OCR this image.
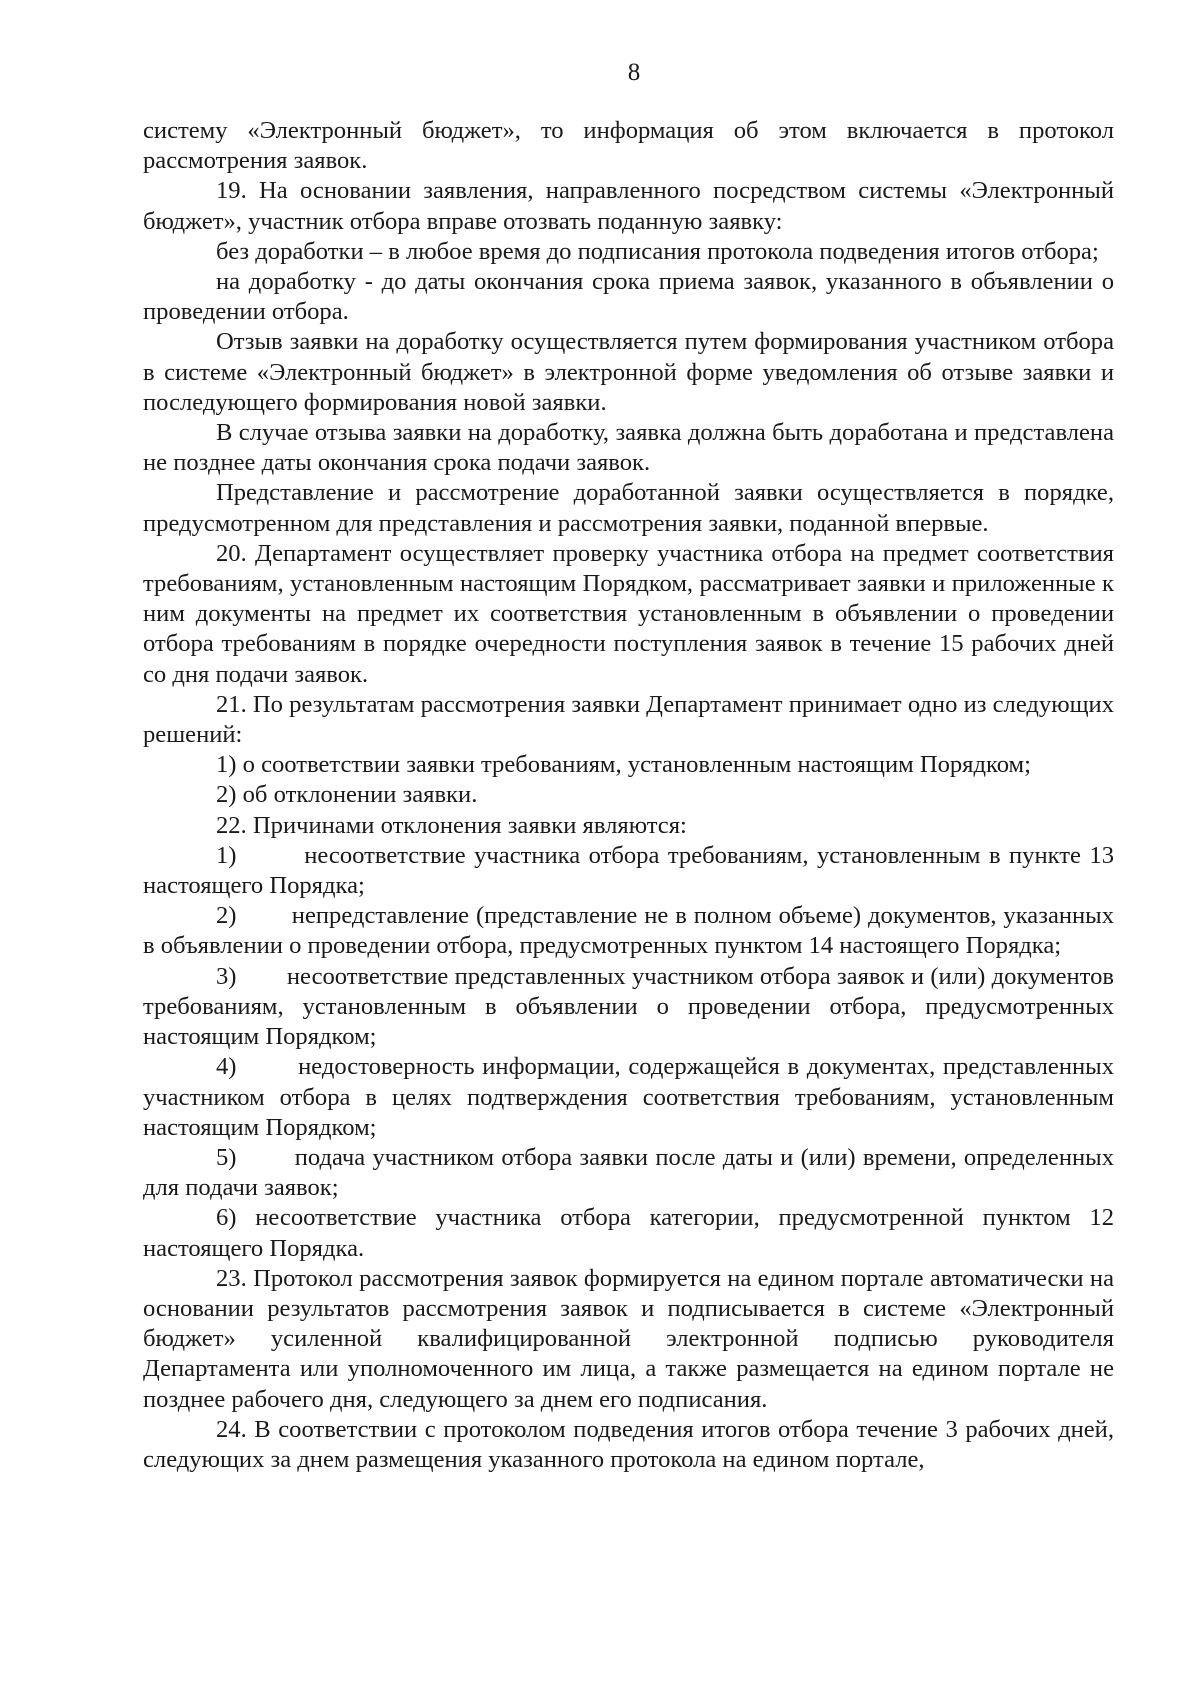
8

систему «Электронный бюджет», то информация об этом включается в протокол рассмотрения заявок.

19. На основании заявления, направленного посредством системы «Электронный бюджет», участник отбора вправе отозвать поданную заявку:

без доработки – в любое время до подписания протокола подведения итогов отбора;

на доработку - до даты окончания срока приема заявок, указанного в объявлении о проведении отбора.

Отзыв заявки на доработку осуществляется путем формирования участником отбора в системе «Электронный бюджет» в электронной форме уведомления об отзыве заявки и последующего формирования новой заявки.

В случае отзыва заявки на доработку, заявка должна быть доработана и представлена не позднее даты окончания срока подачи заявок.

Представление и рассмотрение доработанной заявки осуществляется в порядке, предусмотренном для представления и рассмотрения заявки, поданной впервые.

20. Департамент осуществляет проверку участника отбора на предмет соответствия требованиям, установленным настоящим Порядком, рассматривает заявки и приложенные к ним документы на предмет их соответствия установленным в объявлении о проведении отбора требованиям в порядке очередности поступления заявок в течение 15 рабочих дней со дня подачи заявок.

21. По результатам рассмотрения заявки Департамент принимает одно из следующих решений:

1) о соответствии заявки требованиям, установленным настоящим Порядком;

2) об отклонении заявки.

22. Причинами отклонения заявки являются:

1)        несоответствие участника отбора требованиям, установленным в пункте 13 настоящего Порядка;

2)        непредставление (представление не в полном объеме) документов, указанных в объявлении о проведении отбора, предусмотренных пунктом 14 настоящего Порядка;

3)        несоответствие представленных участником отбора заявок и (или) документов требованиям, установленным в объявлении о проведении отбора, предусмотренных настоящим Порядком;

4)        недостоверность информации, содержащейся в документах, представленных участником отбора в целях подтверждения соответствия требованиям, установленным настоящим Порядком;

5)        подача участником отбора заявки после даты и (или) времени, определенных для подачи заявок;

6) несоответствие участника отбора категории, предусмотренной пунктом 12 настоящего Порядка.

23. Протокол рассмотрения заявок формируется на едином портале автоматически на основании результатов рассмотрения заявок и подписывается в системе «Электронный бюджет» усиленной квалифицированной электронной подписью руководителя Департамента или уполномоченного им лица, а также размещается на едином портале не позднее рабочего дня, следующего за днем его подписания.

24. В соответствии с протоколом подведения итогов отбора течение 3 рабочих дней, следующих за днем размещения указанного протокола на едином портале,
